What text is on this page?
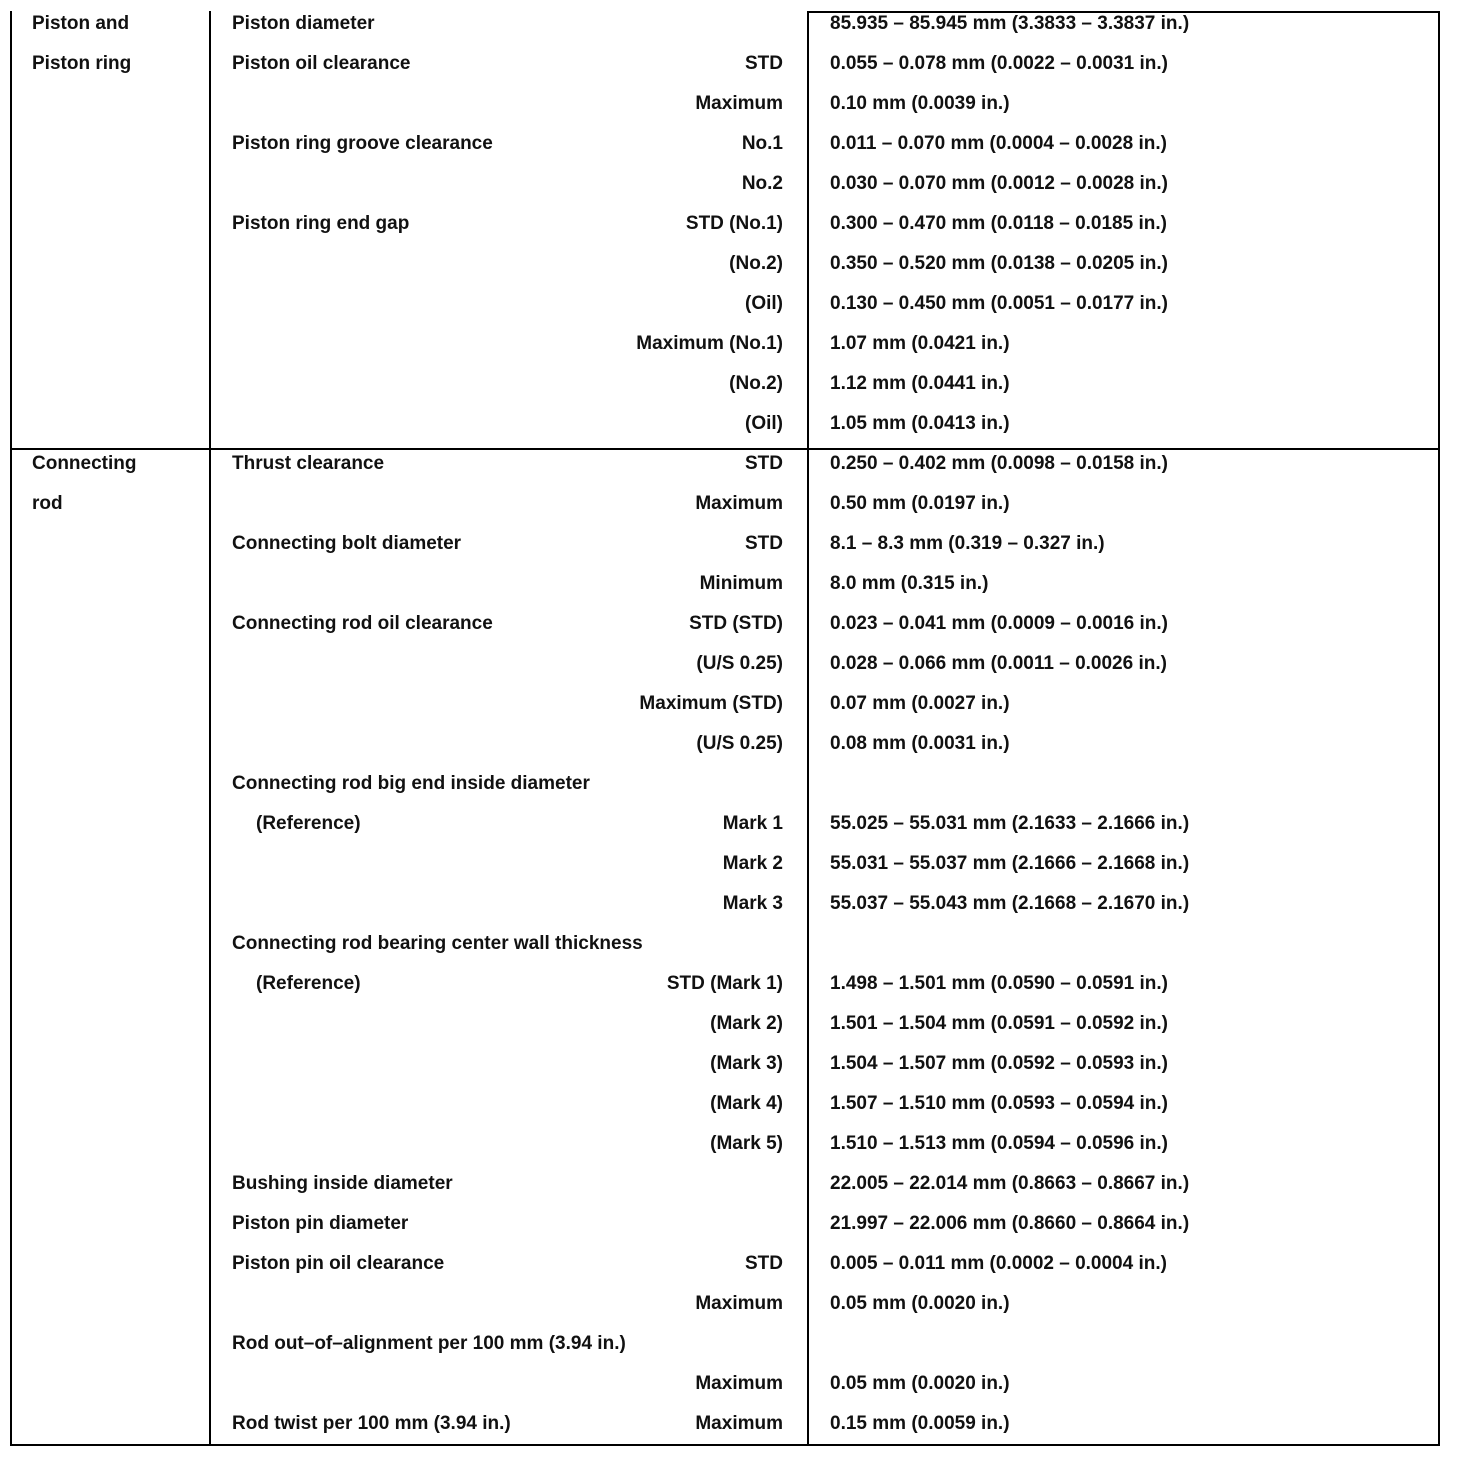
Piston and
Piston ring
Piston diameter	85.935 – 85.945 mm (3.3833 – 3.3837 in.)
Piston oil clearance	STD 0.055 – 0.078 mm (0.0022 – 0.0031 in.)
Maximum 0.10 mm (0.0039 in.)
Piston ring groove clearance	No.1 0.011 – 0.070 mm (0.0004 – 0.0028 in.)
No.2 0.030 – 0.070 mm (0.0012 – 0.0028 in.)
Piston ring end gap	STD (No.1) 0.300 – 0.470 mm (0.0118 – 0.0185 in.)
(No.2) 0.350 – 0.520 mm (0.0138 – 0.0205 in.)
(Oil) 0.130 – 0.450 mm (0.0051 – 0.0177 in.)
Maximum (No.1) 1.07 mm (0.0421 in.)
(No.2) 1.12 mm (0.0441 in.)
(Oil) 1.05 mm (0.0413 in.)
Connecting
rod
Thrust clearance	STD 0.250 – 0.402 mm (0.0098 – 0.0158 in.)
Maximum 0.50 mm (0.0197 in.)
Connecting bolt diameter	STD 8.1 – 8.3 mm (0.319 – 0.327 in.)
Minimum 8.0 mm (0.315 in.)
Connecting rod oil clearance	STD (STD) 0.023 – 0.041 mm (0.0009 – 0.0016 in.)
(U/S 0.25) 0.028 – 0.066 mm (0.0011 – 0.0026 in.)
Maximum (STD) 0.07 mm (0.0027 in.)
(U/S 0.25) 0.08 mm (0.0031 in.)
Connecting rod big end inside diameter
(Reference)	Mark 1 55.025 – 55.031 mm (2.1633 – 2.1666 in.)
Mark 2 55.031 – 55.037 mm (2.1666 – 2.1668 in.)
Mark 3 55.037 – 55.043 mm (2.1668 – 2.1670 in.)
Connecting rod bearing center wall thickness
(Reference)	STD (Mark 1) 1.498 – 1.501 mm (0.0590 – 0.0591 in.)
(Mark 2) 1.501 – 1.504 mm (0.0591 – 0.0592 in.)
(Mark 3) 1.504 – 1.507 mm (0.0592 – 0.0593 in.)
(Mark 4) 1.507 – 1.510 mm (0.0593 – 0.0594 in.)
(Mark 5) 1.510 – 1.513 mm (0.0594 – 0.0596 in.)
Bushing inside diameter	22.005 – 22.014 mm (0.8663 – 0.8667 in.)
Piston pin diameter	21.997 – 22.006 mm (0.8660 – 0.8664 in.)
Piston pin oil clearance	STD 0.005 – 0.011 mm (0.0002 – 0.0004 in.)
Maximum 0.05 mm (0.0020 in.)
Rod out–of–alignment per 100 mm (3.94 in.)
Maximum 0.05 mm (0.0020 in.)
Rod twist per 100 mm (3.94 in.)	Maximum 0.15 mm (0.0059 in.)
